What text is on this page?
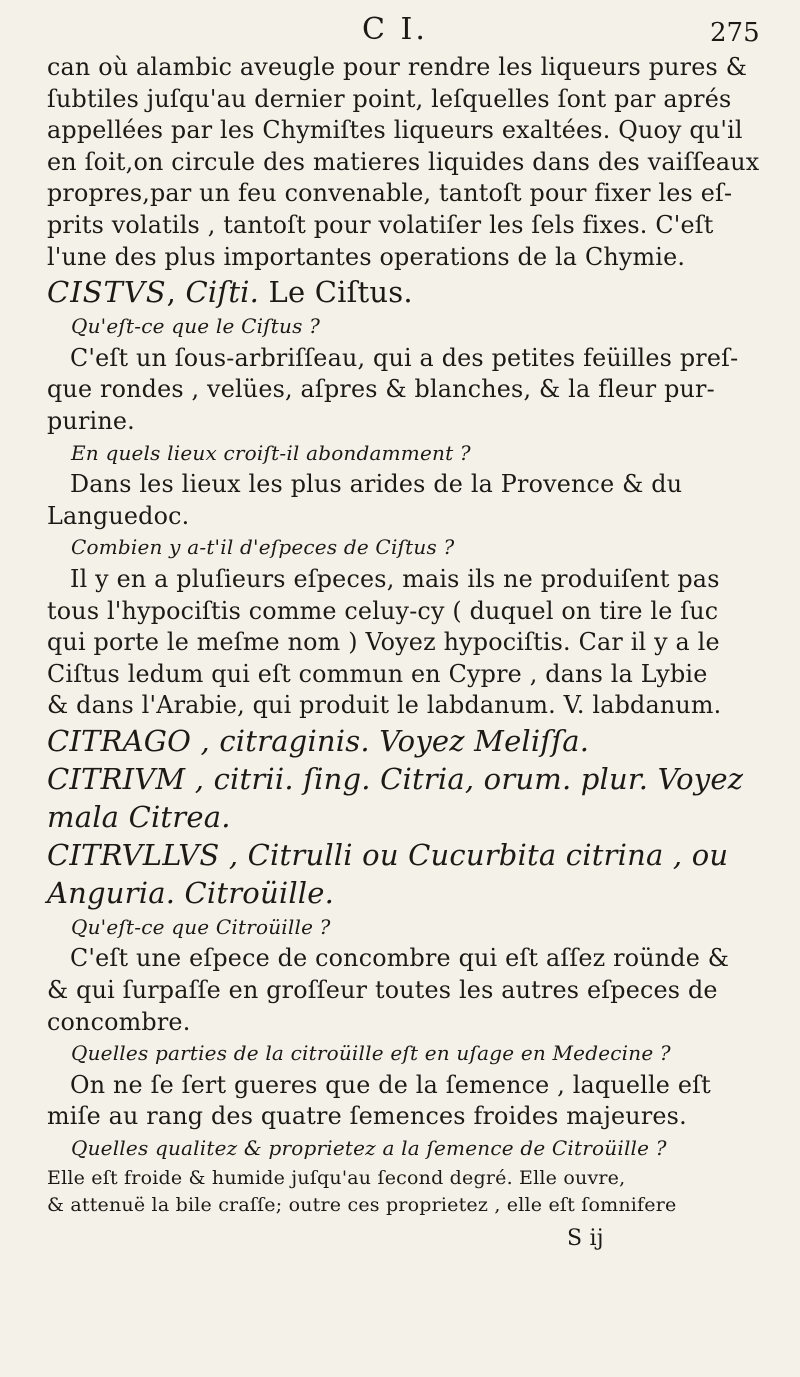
C I.	275

can où alambic aveugle pour rendre les liqueurs pures &

ſubtiles juſqu'au dernier point, leſquelles ſont par aprés

appellées par les Chymiſtes liqueurs exaltées. Quoy qu'il

en ſoit,on circule des matieres liquides dans des vaiſſeaux

propres,par un feu convenable, tantoſt pour fixer les eſ-

prits volatils , tantoſt pour volatiſer les ſels fixes. C'eſt

l'une des plus importantes operations de la Chymie.

CISTVS, Ciſti. Le Ciſtus.

Qu'eſt-ce que le Ciſtus ?

C'eſt un ſous-arbriſſeau, qui a des petites feüilles preſ-

que rondes , velües, aſpres & blanches, & la fleur pur-

purine.

En quels lieux croiſt-il abondamment ?

Dans les lieux les plus arides de la Provence & du

Languedoc.

Combien y a-t'il d'eſpeces de Ciſtus ?

Il y en a pluſieurs eſpeces, mais ils ne produiſent pas

tous l'hypociſtis comme celuy-cy ( duquel on tire le ſuc

qui porte le meſme nom ) Voyez hypociſtis. Car il y a le

Ciſtus ledum qui eſt commun en Cypre , dans la Lybie

& dans l'Arabie, qui produit le labdanum. V. labdanum.

CITRAGO , citraginis. Voyez Meliſſa.

CITRIVM , citrii. ſing. Citria, orum. plur. Voyez

mala Citrea.

CITRVLLVS , Citrulli ou Cucurbita citrina , ou

Anguria. Citroüille.

Qu'eſt-ce que Citroüille ?

C'eſt une eſpece de concombre qui eſt aſſez roünde &

& qui ſurpaſſe en groſſeur toutes les autres eſpeces de

concombre.

Quelles parties de la citroüille eſt en uſage en Medecine ?

On ne ſe ſert gueres que de la ſemence , laquelle eſt

miſe au rang des quatre ſemences froides majeures.

Quelles qualitez & proprietez a la ſemence de Citroüille ?

Elle eſt froide & humide juſqu'au ſecond degré. Elle ouvre,

& attenuë la bile craſſe; outre ces proprietez , elle eſt ſomnifere

S ij
